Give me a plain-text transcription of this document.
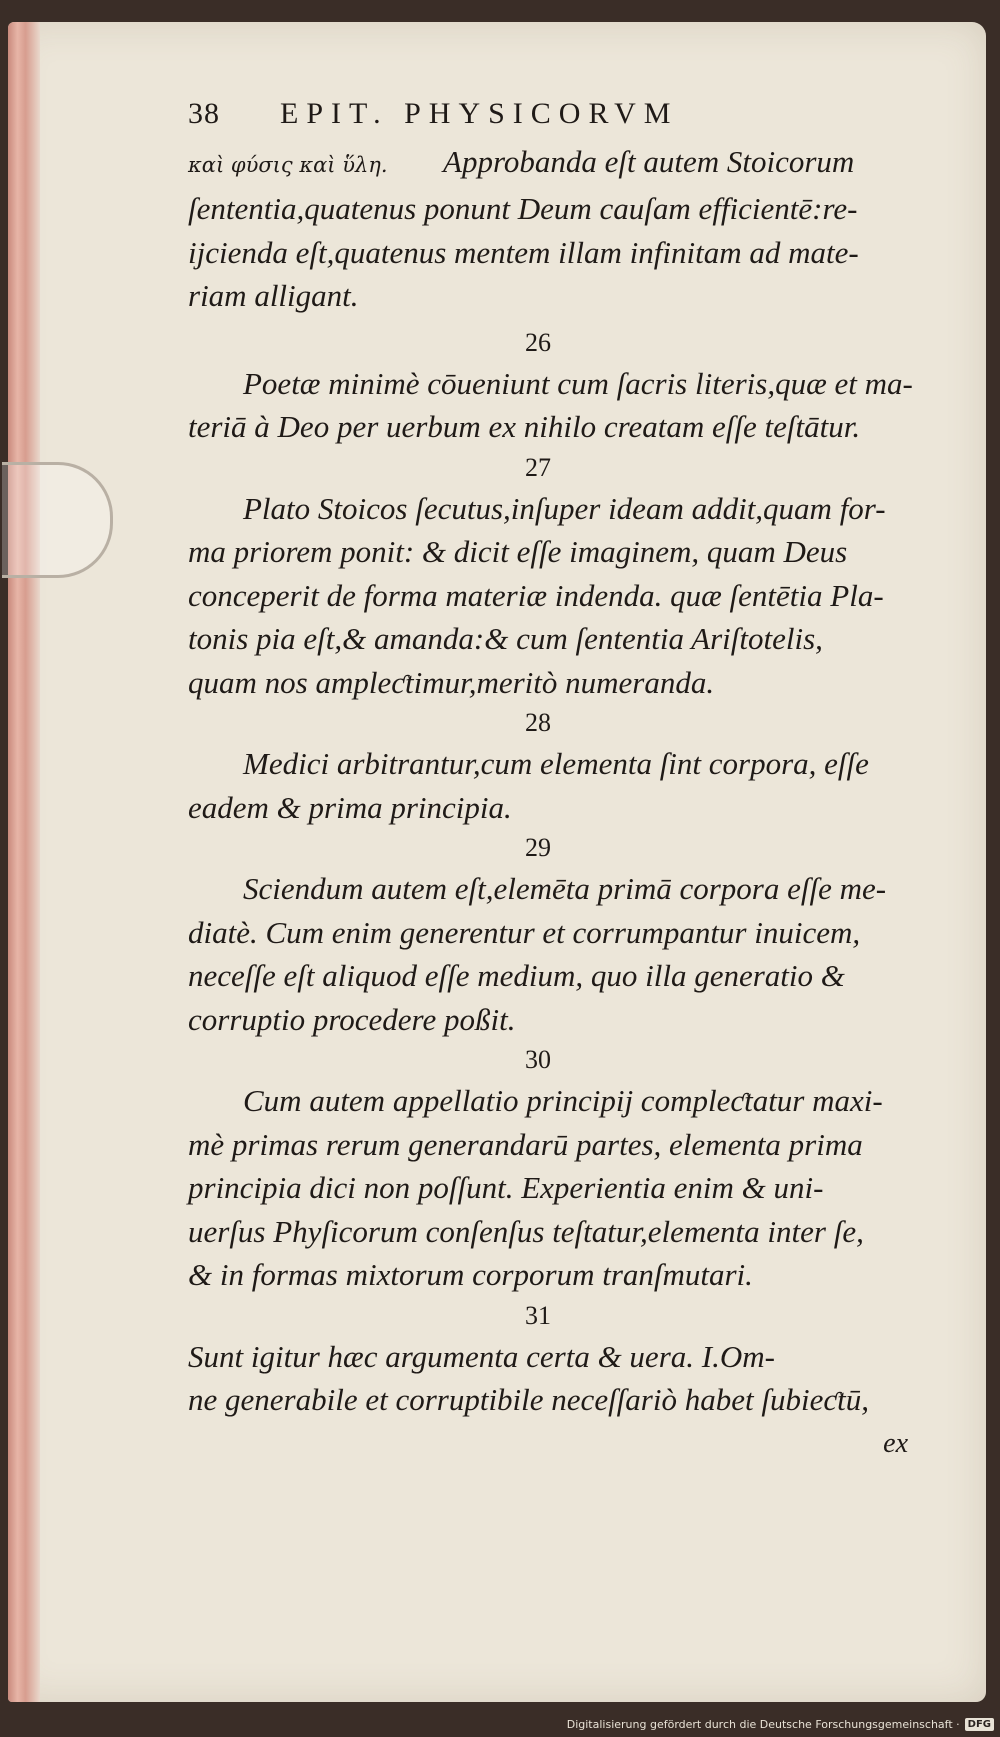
38	EPIT. PHYSICORVM
καὶ φύσις καὶ ὕλη. Approbanda eſt autem Stoicorum
ſententia,quatenus ponunt Deum cauſam efficientē:re-
ijcienda eſt,quatenus mentem illam infinitam ad mate-
riam alligant.
26
Poetæ minimè cōueniunt cum ſacris literis,quæ et ma-
teriā à Deo per uerbum ex nihilo creatam eſſe teſtātur.
27
Plato Stoicos ſecutus,inſuper ideam addit,quam for-
ma priorem ponit: & dicit eſſe imaginem, quam Deus
conceperit de forma materiæ indenda. quæ ſentētia Pla-
tonis pia eſt,& amanda:& cum ſententia Ariſtotelis,
quam nos ampleƈtimur,meritò numeranda.
28
Medici arbitrantur,cum elementa ſint corpora, eſſe
eadem & prima principia.
29
Sciendum autem eſt,elemēta primā corpora eſſe me-
diatè. Cum enim generentur et corrumpantur inuicem,
neceſſe eſt aliquod eſſe medium, quo illa generatio &
corruptio procedere poßit.
30
Cum autem appellatio principij compleƈtatur maxi-
mè primas rerum generandarū partes, elementa prima
principia dici non poſſunt. Experientia enim & uni-
uerſus Phyſicorum conſenſus teſtatur,elementa inter ſe,
& in formas mixtorum corporum tranſmutari.
31
Sunt igitur hæc argumenta certa & uera. I.Om-
ne generabile et corruptibile neceſſariò habet ſubieƈtū,
ex
Digitalisierung gefördert durch die Deutsche Forschungsgemeinschaft · DFG
